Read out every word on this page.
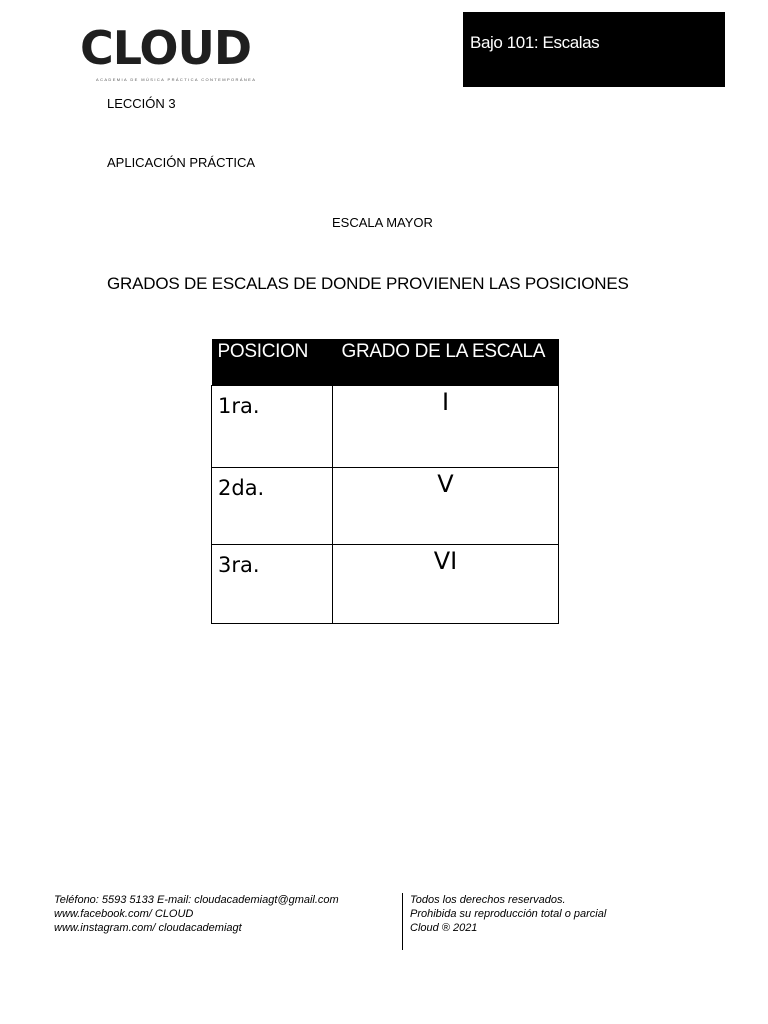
CLOUD
ACADEMIA DE MÚSICA PRÁCTICA CONTEMPORÁNEA
Bajo 101: Escalas
LECCIÓN 3
APLICACIÓN PRÁCTICA
ESCALA MAYOR
GRADOS DE ESCALAS DE DONDE PROVIENEN LAS POSICIONES
POSICION	GRADO DE LA ESCALA
1ra.	I
2da.	V
3ra.	VI
Teléfono: 5593 5133 E-mail: cloudacademiagt@gmail.com
www.facebook.com/ CLOUD
www.instagram.com/ cloudacademiagt
Todos los derechos reservados.
Prohibida su reproducción total o parcial
Cloud ® 2021
